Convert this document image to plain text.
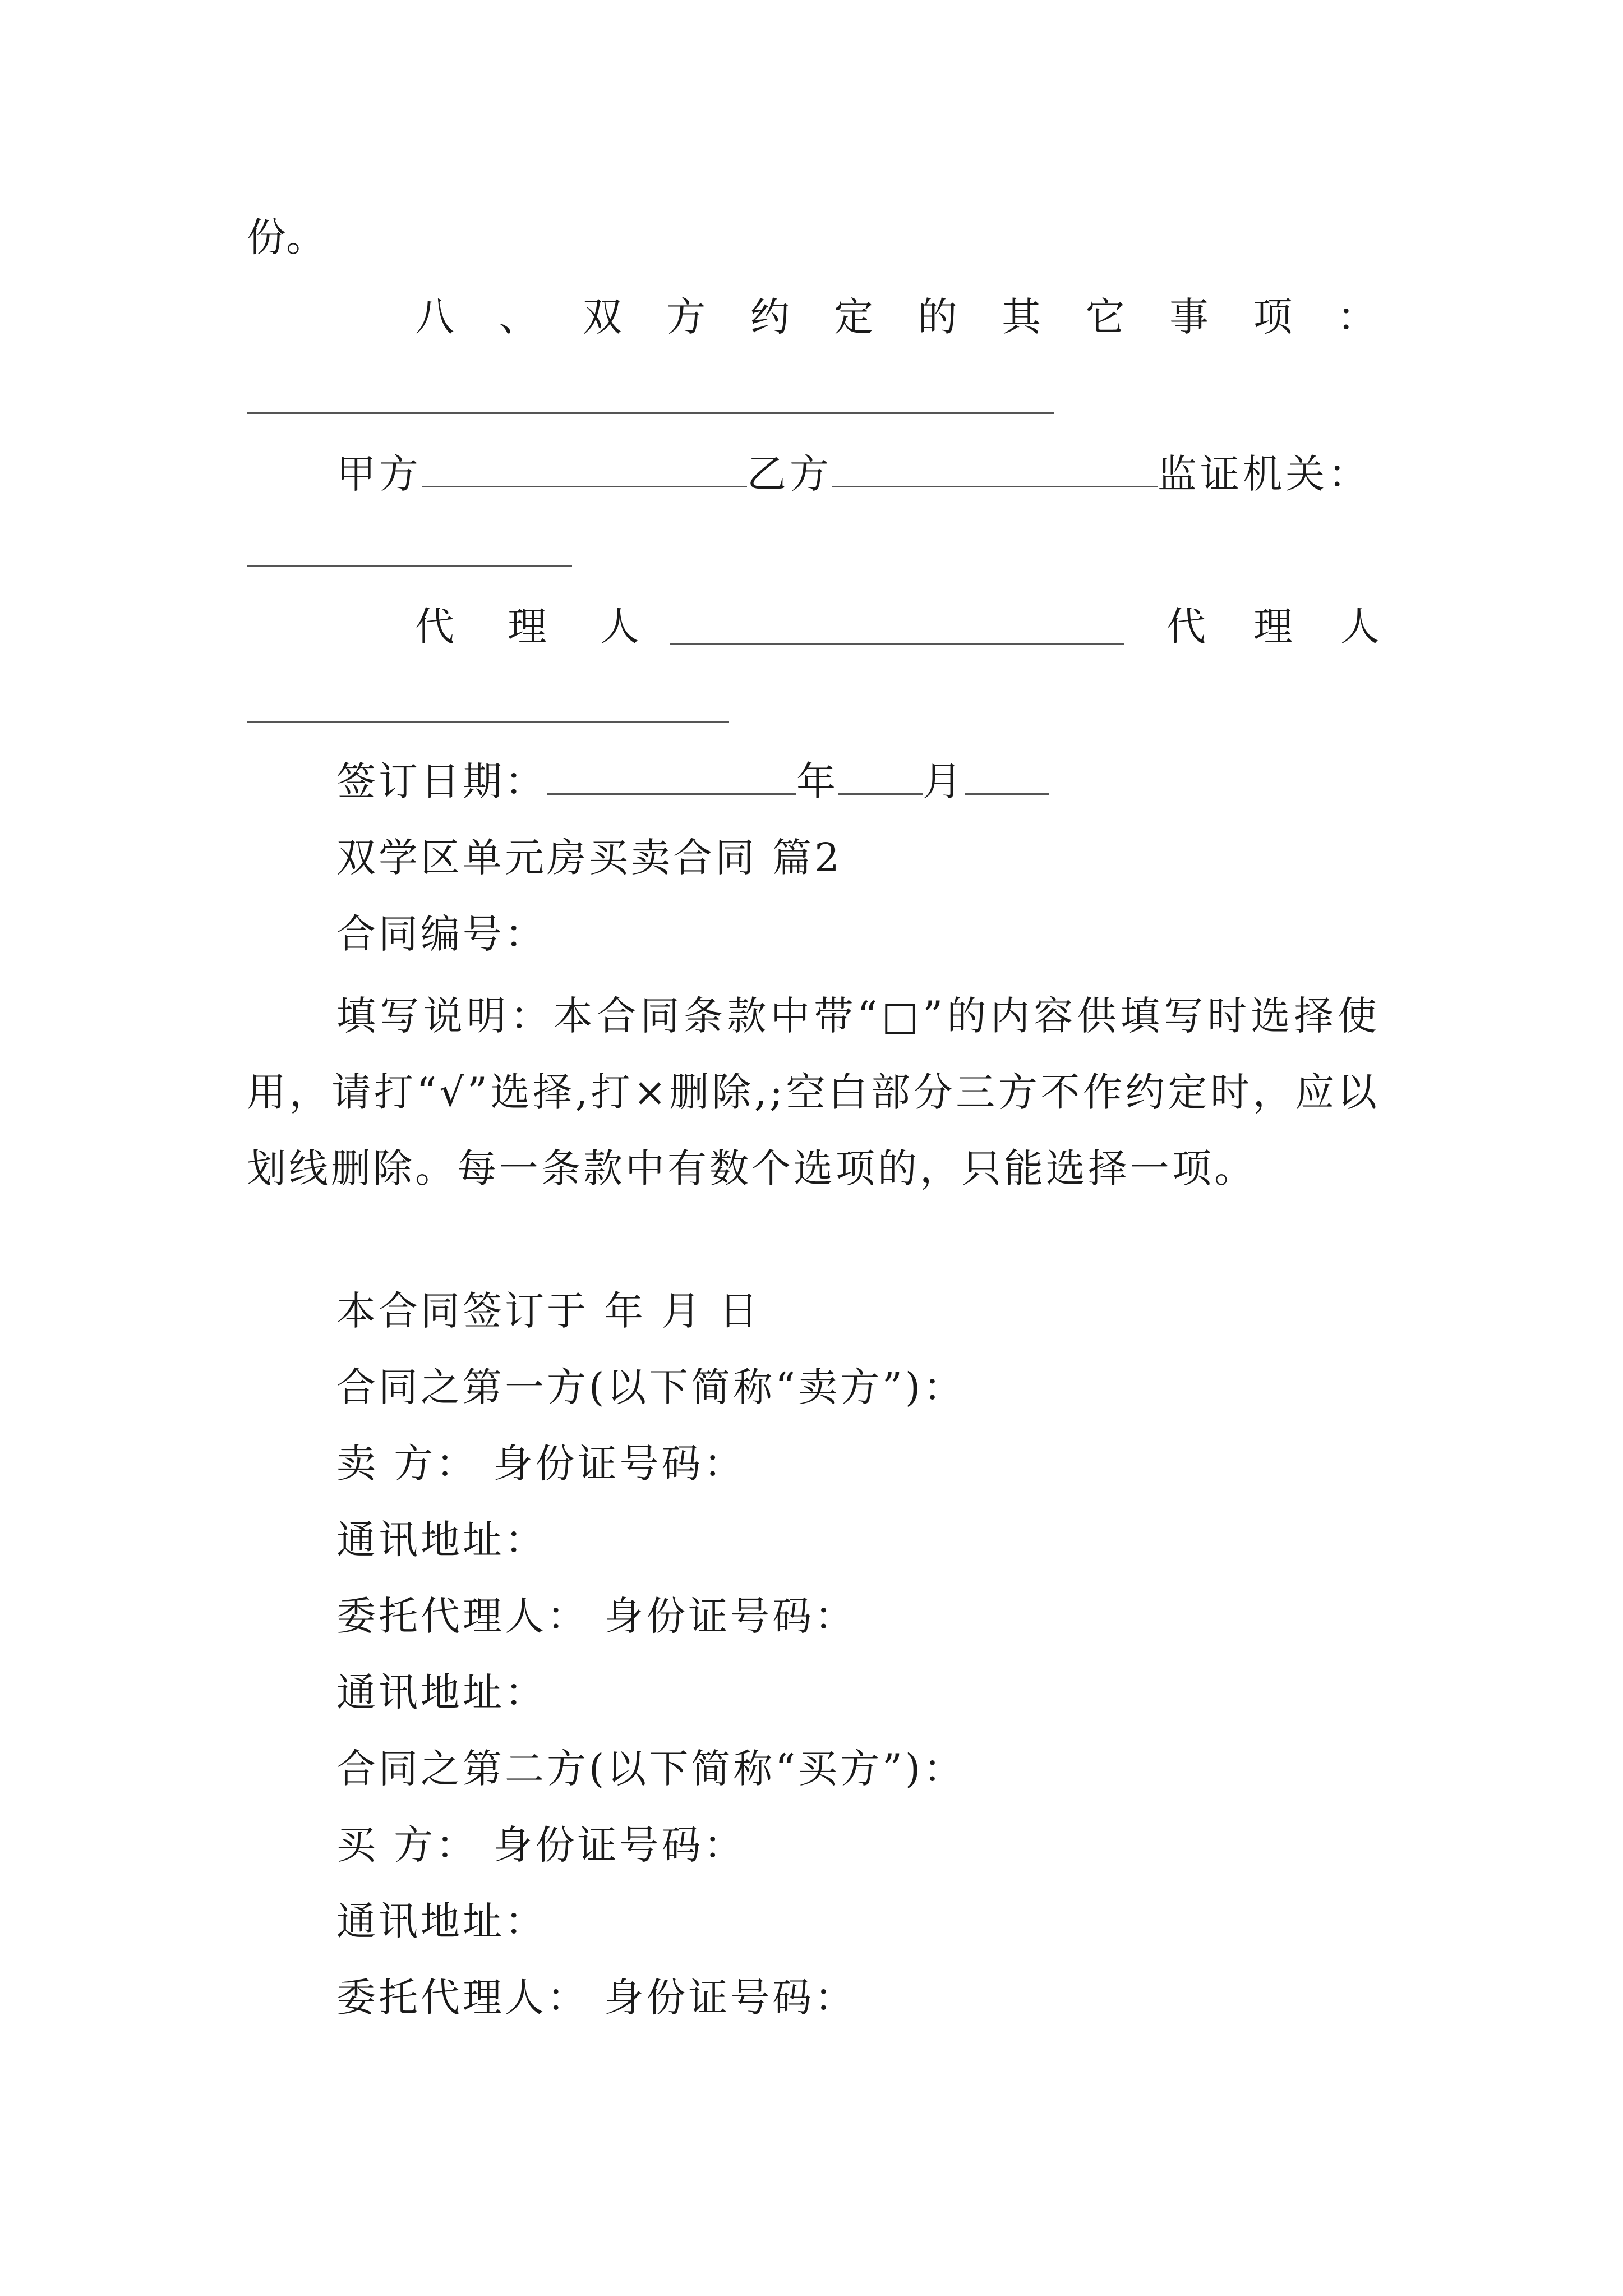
份。
八 、 双 方 约 定 的 其 它 事 项 ：
甲方	乙方	监证机关：
代 理 人	代 理 人
签订日期：	年 月
双学区单元房买卖合同 篇2
合同编号：
填写说明：本合同条款中带“□”的内容供填写时选择使用，请打“√”选择,打×删除,;空白部分三方不作约定时，应以划线删除。每一条款中有数个选项的，只能选择一项。
本合同签订于 年 月 日
合同之第一方(以下简称“卖方”)：
卖 方： 身份证号码：
通讯地址：
委托代理人： 身份证号码：
通讯地址：
合同之第二方(以下简称“买方”)：
买 方： 身份证号码：
通讯地址：
委托代理人： 身份证号码：
